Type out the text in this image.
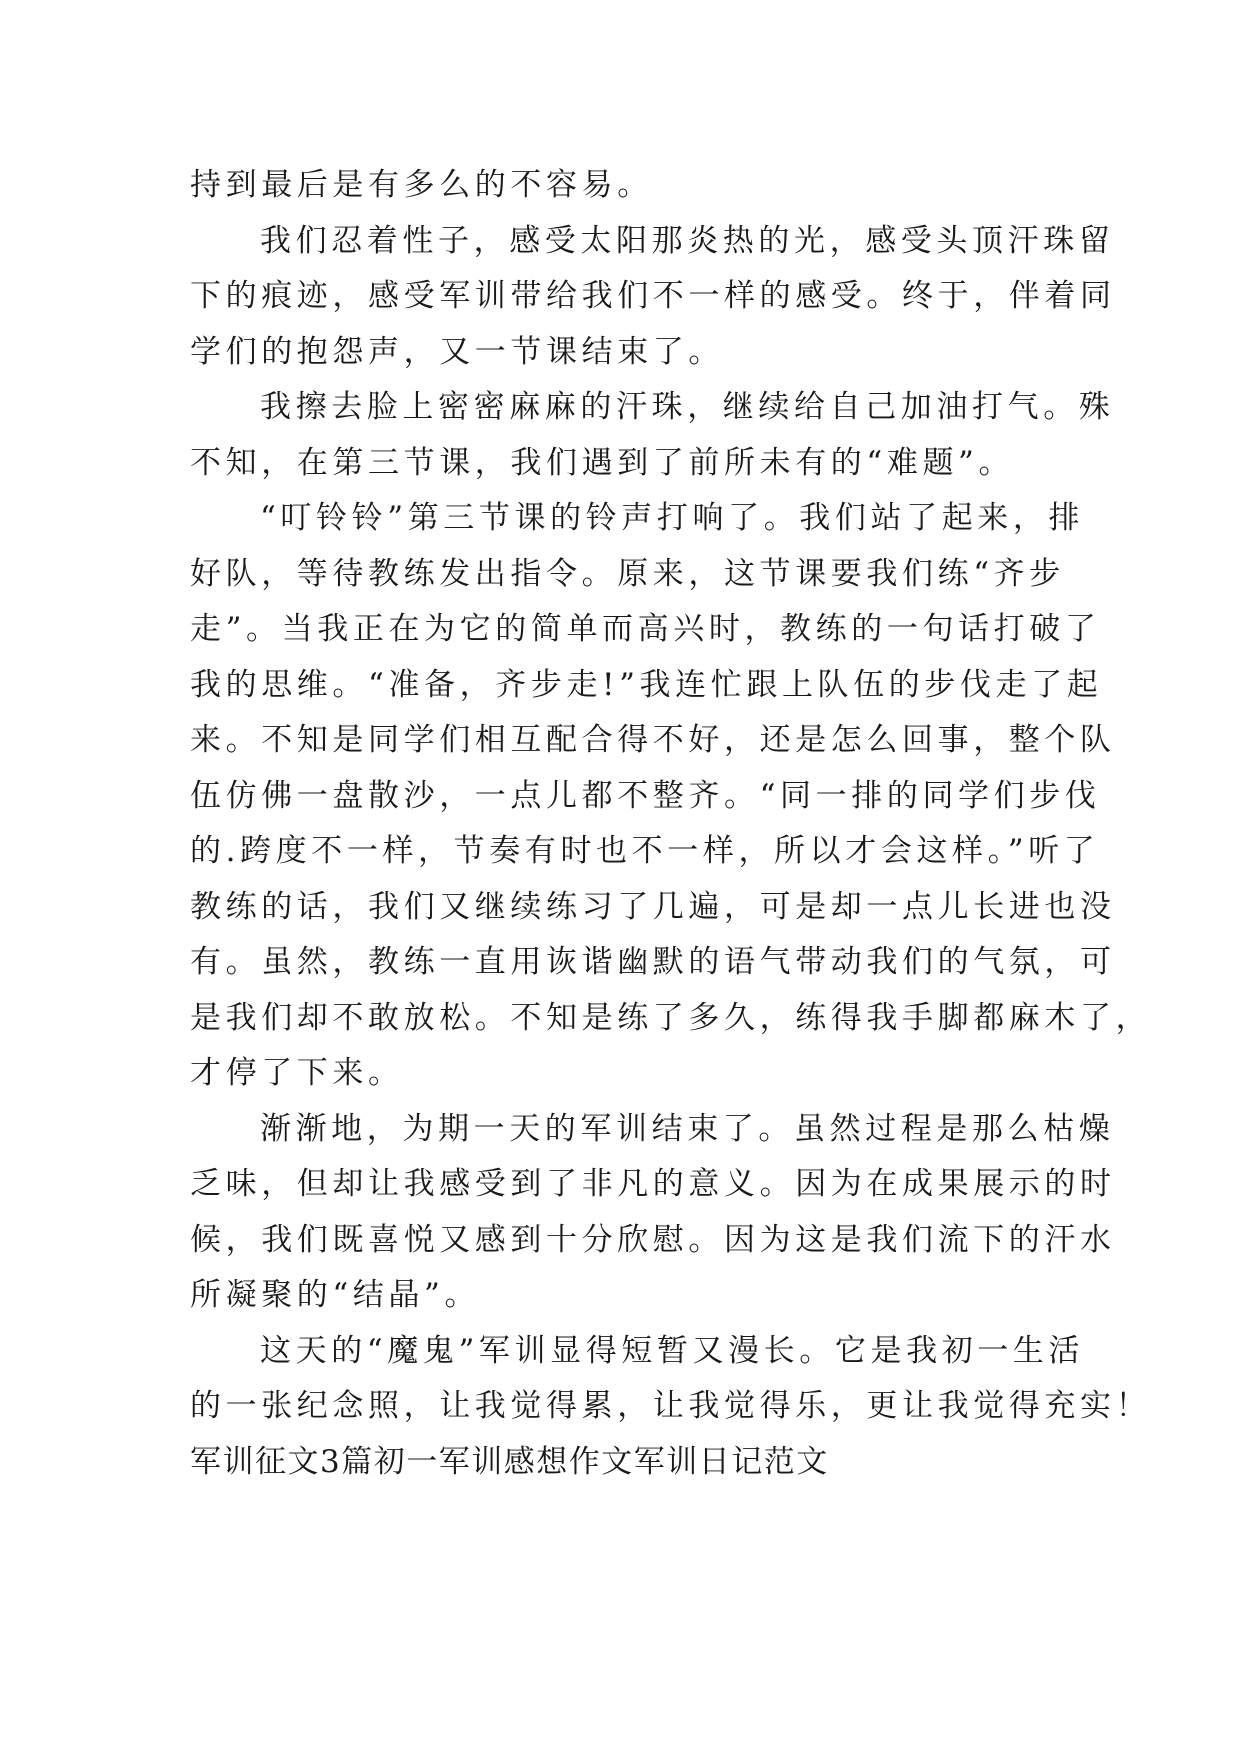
持到最后是有多么的不容易。
我们忍着性子，感受太阳那炎热的光，感受头顶汗珠留
下的痕迹，感受军训带给我们不一样的感受。终于，伴着同
学们的抱怨声，又一节课结束了。
我擦去脸上密密麻麻的汗珠，继续给自己加油打气。殊
不知，在第三节课，我们遇到了前所未有的“难题”。
“叮铃铃”第三节课的铃声打响了。我们站了起来，排
好队，等待教练发出指令。原来，这节课要我们练“齐步
走”。当我正在为它的简单而高兴时，教练的一句话打破了
我的思维。“准备，齐步走!”我连忙跟上队伍的步伐走了起
来。不知是同学们相互配合得不好，还是怎么回事，整个队
伍仿佛一盘散沙，一点儿都不整齐。“同一排的同学们步伐
的.跨度不一样，节奏有时也不一样，所以才会这样。”听了
教练的话，我们又继续练习了几遍，可是却一点儿长进也没
有。虽然，教练一直用诙谐幽默的语气带动我们的气氛，可
是我们却不敢放松。不知是练了多久，练得我手脚都麻木了，
才停了下来。
渐渐地，为期一天的军训结束了。虽然过程是那么枯燥
乏味，但却让我感受到了非凡的意义。因为在成果展示的时
候，我们既喜悦又感到十分欣慰。因为这是我们流下的汗水
所凝聚的“结晶”。
这天的“魔鬼”军训显得短暂又漫长。它是我初一生活
的一张纪念照，让我觉得累，让我觉得乐，更让我觉得充实！
军训征文3篇初一军训感想作文军训日记范文
